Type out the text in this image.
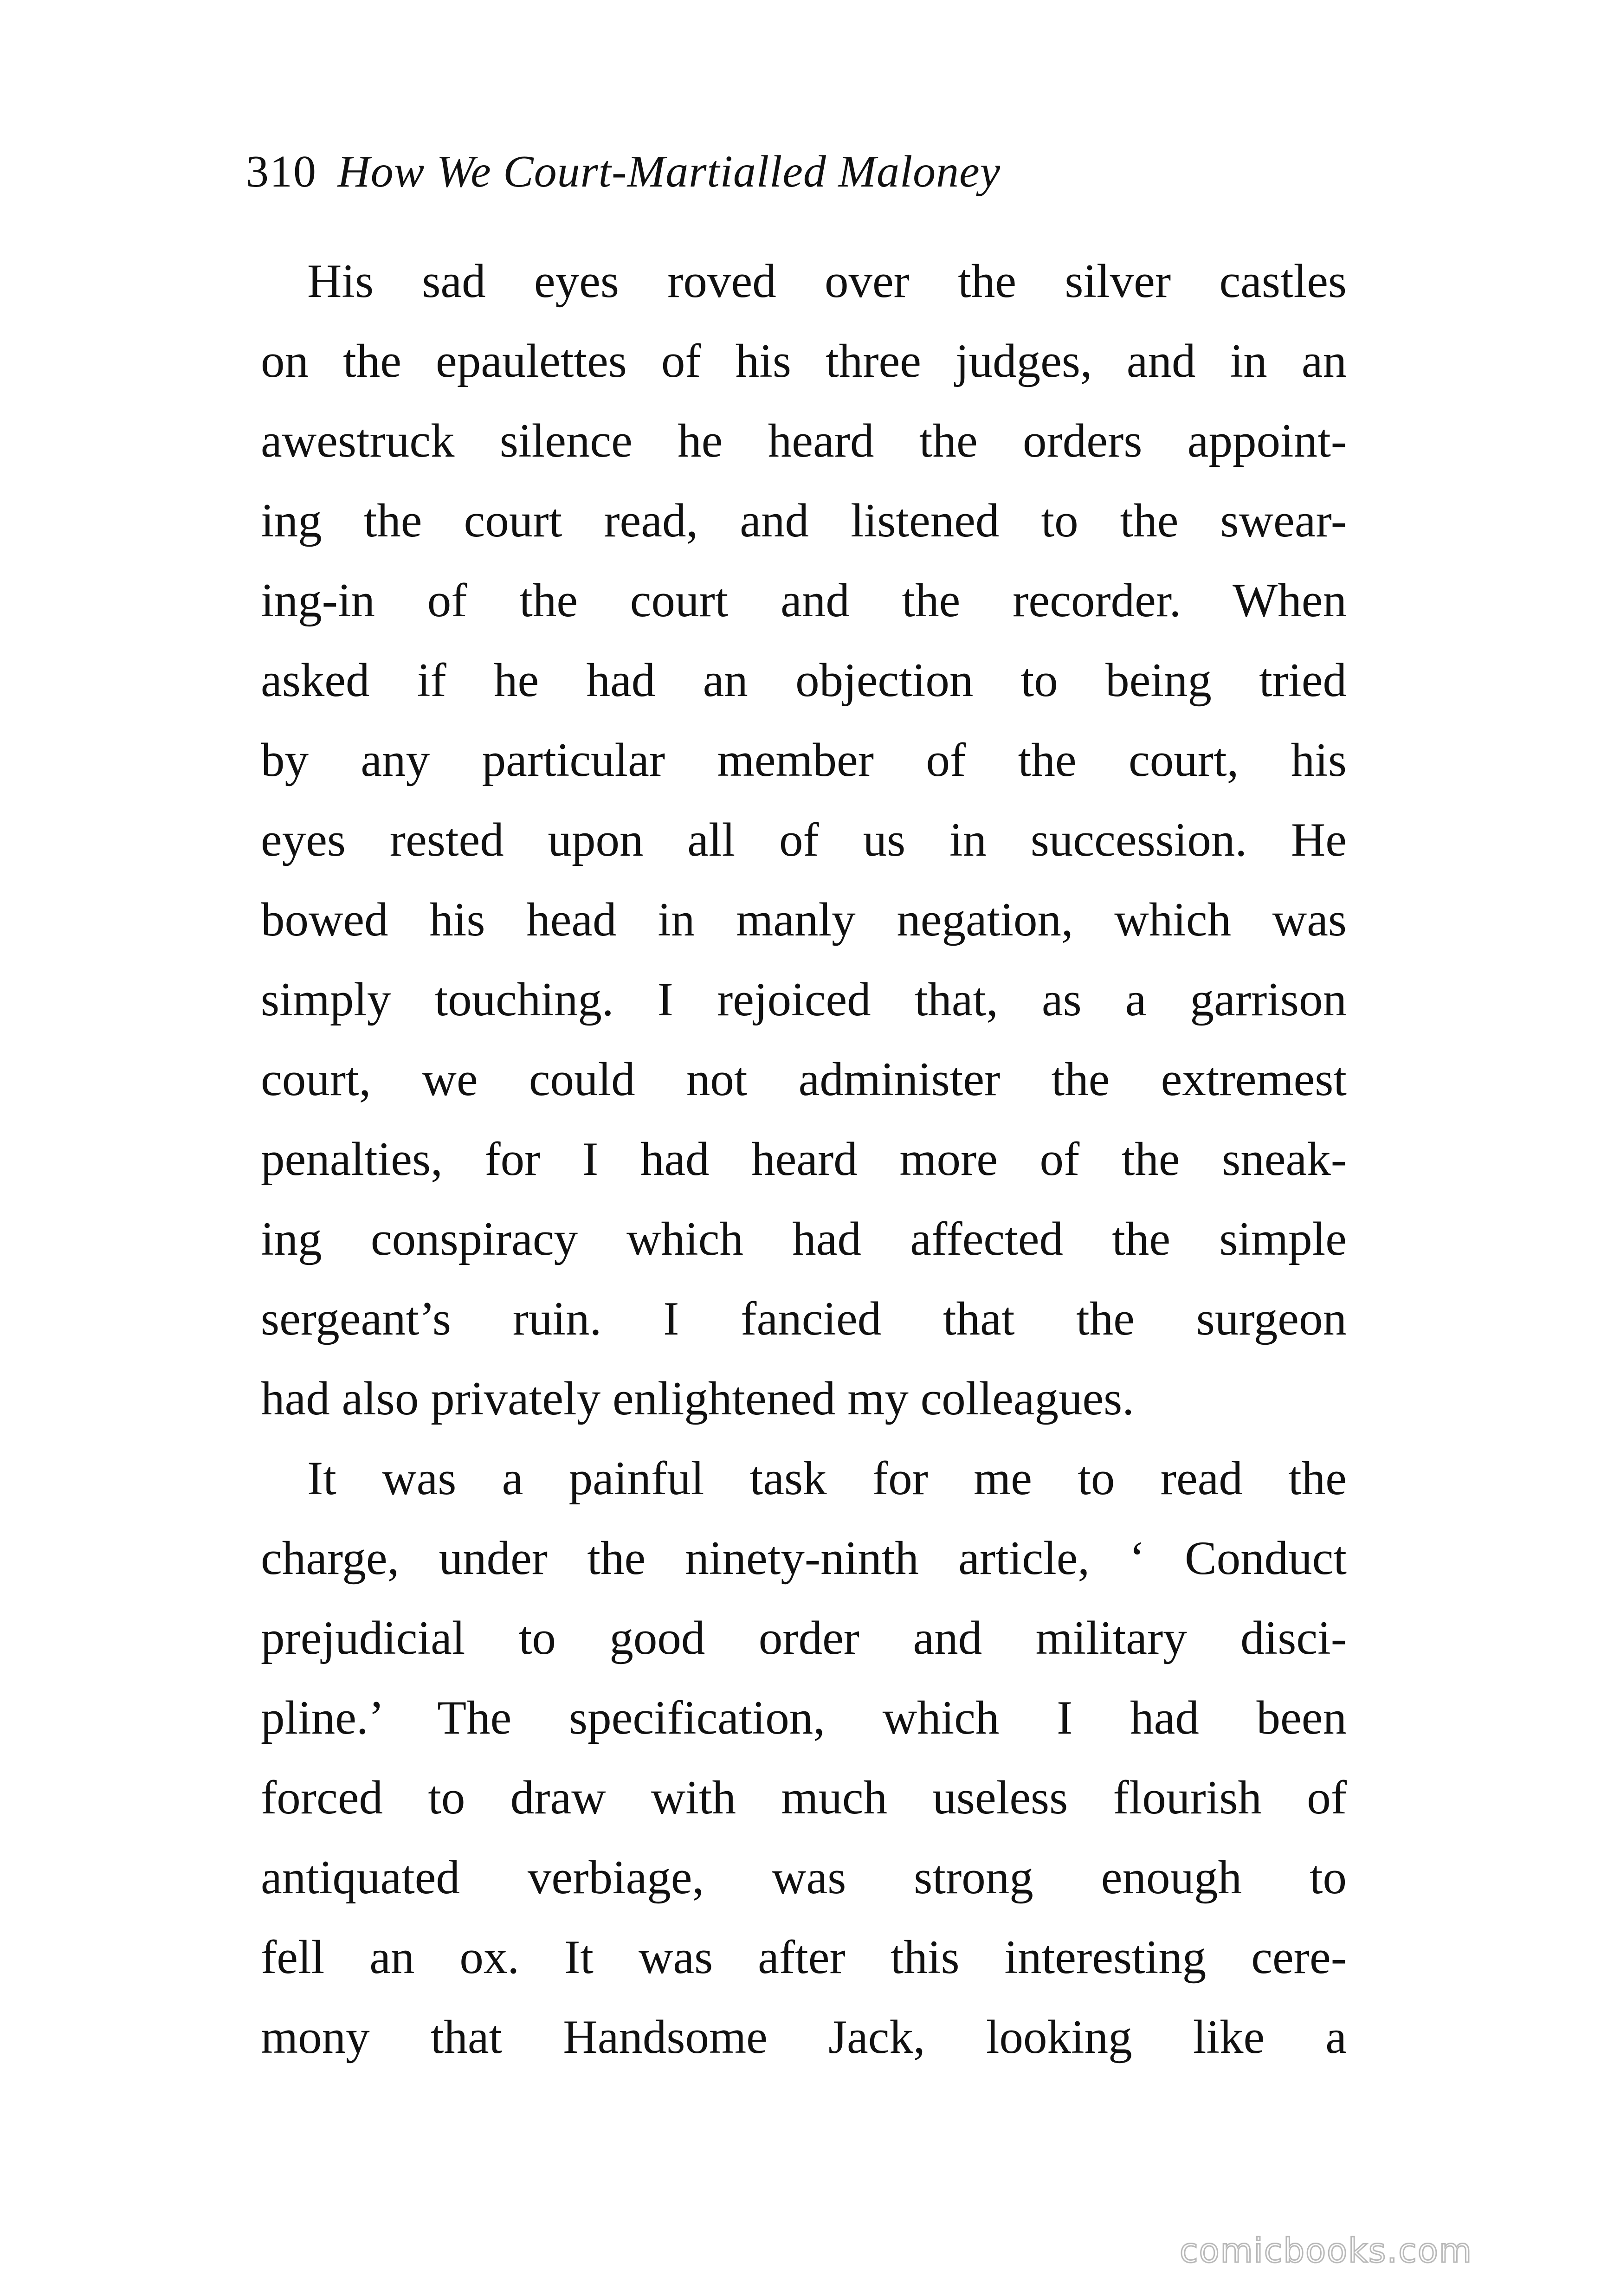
310 How We Court-Martialled Maloney
His sad eyes roved over the silver castles
on the epaulettes of his three judges, and in an
awestruck silence he heard the orders appoint-
ing the court read, and listened to the swear-
ing-in of the court and the recorder. When
asked if he had an objection to being tried
by any particular member of the court, his
eyes rested upon all of us in succession. He
bowed his head in manly negation, which was
simply touching. I rejoiced that, as a garrison
court, we could not administer the extremest
penalties, for I had heard more of the sneak-
ing conspiracy which had affected the simple
sergeant’s ruin. I fancied that the surgeon
had also privately enlightened my colleagues.
It was a painful task for me to read the
charge, under the ninety-ninth article, ‘ Conduct
prejudicial to good order and military disci-
pline.’ The specification, which I had been
forced to draw with much useless flourish of
antiquated verbiage, was strong enough to
fell an ox. It was after this interesting cere-
mony that Handsome Jack, looking like a
comicbooks.com
